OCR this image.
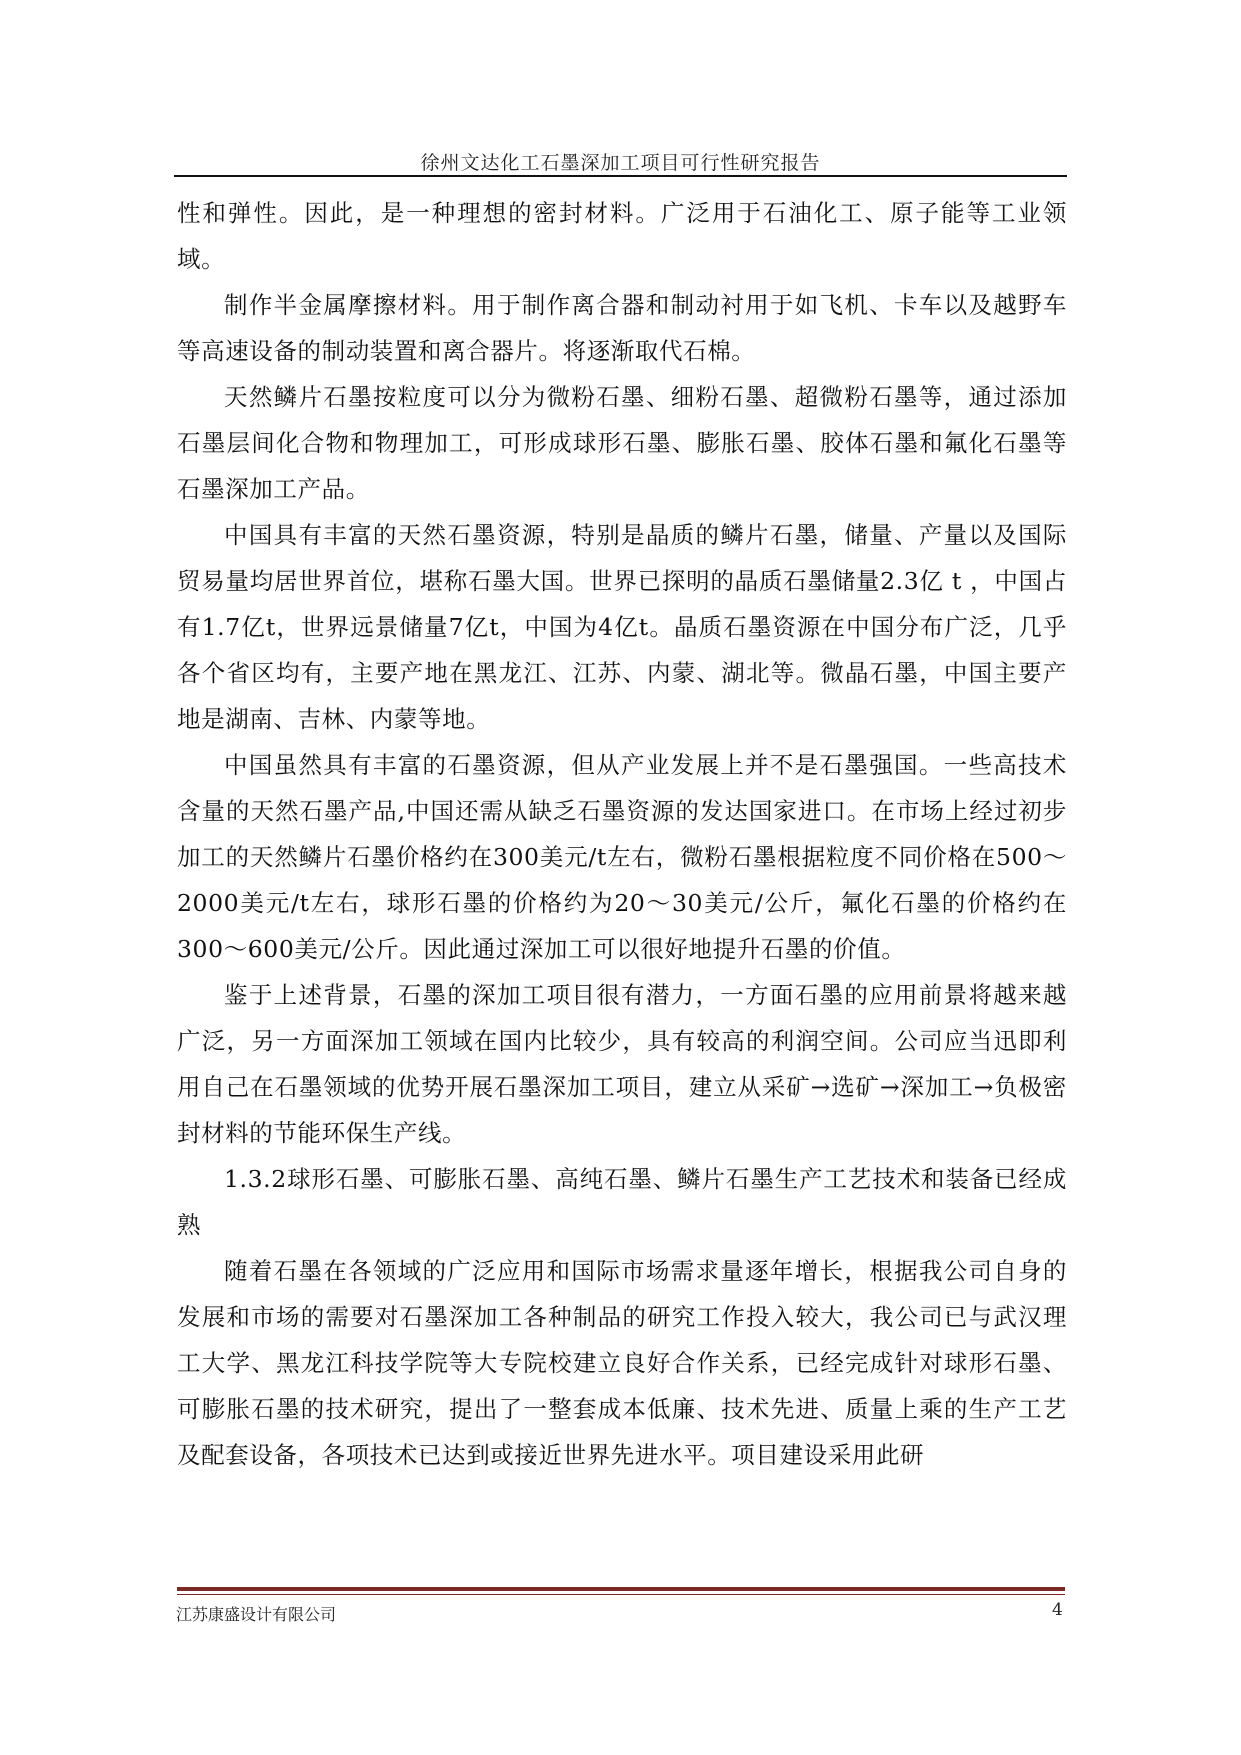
徐州文达化工石墨深加工项目可行性研究报告

性和弹性。因此，是一种理想的密封材料。广泛用于石油化工、原子能等工业领域。

制作半金属摩擦材料。用于制作离合器和制动衬用于如飞机、卡车以及越野车等高速设备的制动装置和离合器片。将逐渐取代石棉。

天然鳞片石墨按粒度可以分为微粉石墨、细粉石墨、超微粉石墨等，通过添加石墨层间化合物和物理加工，可形成球形石墨、膨胀石墨、胶体石墨和氟化石墨等石墨深加工产品。

中国具有丰富的天然石墨资源，特别是晶质的鳞片石墨，储量、产量以及国际贸易量均居世界首位，堪称石墨大国。世界已探明的晶质石墨储量2.3亿 t ，中国占有1.7亿t，世界远景储量7亿t，中国为4亿t。晶质石墨资源在中国分布广泛，几乎各个省区均有，主要产地在黑龙江、江苏、内蒙、湖北等。微晶石墨，中国主要产地是湖南、吉林、内蒙等地。

中国虽然具有丰富的石墨资源，但从产业发展上并不是石墨强国。一些高技术含量的天然石墨产品,中国还需从缺乏石墨资源的发达国家进口。在市场上经过初步加工的天然鳞片石墨价格约在300美元/t左右，微粉石墨根据粒度不同价格在500～2000美元/t左右，球形石墨的价格约为20～30美元/公斤，氟化石墨的价格约在300～600美元/公斤。因此通过深加工可以很好地提升石墨的价值。

鉴于上述背景，石墨的深加工项目很有潜力，一方面石墨的应用前景将越来越广泛，另一方面深加工领域在国内比较少，具有较高的利润空间。公司应当迅即利用自己在石墨领域的优势开展石墨深加工项目，建立从采矿→选矿→深加工→负极密封材料的节能环保生产线。

1.3.2球形石墨、可膨胀石墨、高纯石墨、鳞片石墨生产工艺技术和装备已经成熟

随着石墨在各领域的广泛应用和国际市场需求量逐年增长，根据我公司自身的发展和市场的需要对石墨深加工各种制品的研究工作投入较大，我公司已与武汉理工大学、黑龙江科技学院等大专院校建立良好合作关系，已经完成针对球形石墨、可膨胀石墨的技术研究，提出了一整套成本低廉、技术先进、质量上乘的生产工艺及配套设备，各项技术已达到或接近世界先进水平。项目建设采用此研

江苏康盛设计有限公司	4
